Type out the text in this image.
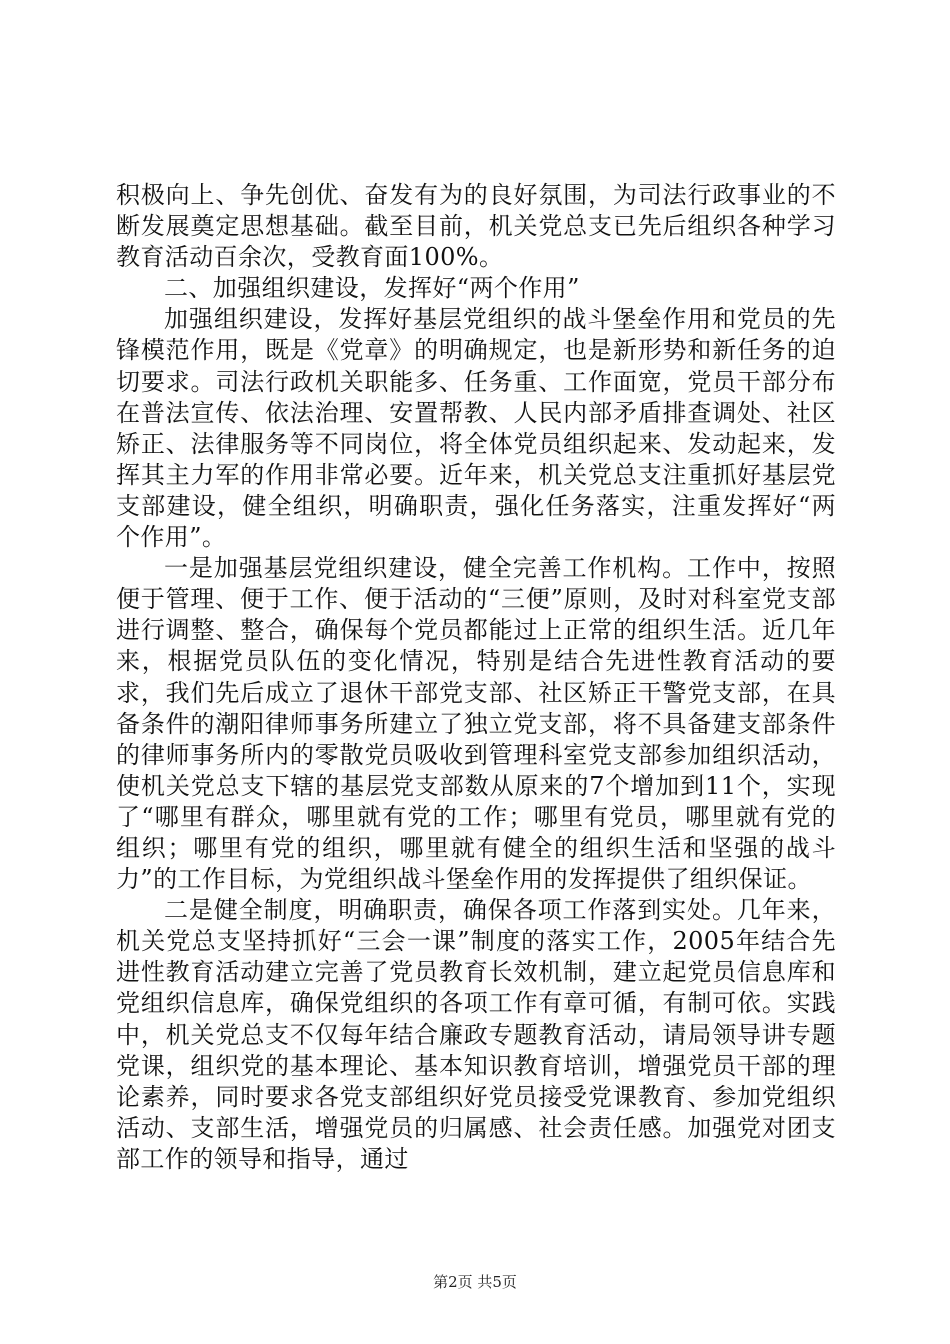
积极向上、争先创优、奋发有为的良好氛围，为司法行政事业的不断发展奠定思想基础。截至目前，机关党总支已先后组织各种学习教育活动百余次，受教育面100%。

二、加强组织建设，发挥好“两个作用”

加强组织建设，发挥好基层党组织的战斗堡垒作用和党员的先锋模范作用，既是《党章》的明确规定，也是新形势和新任务的迫切要求。司法行政机关职能多、任务重、工作面宽，党员干部分布在普法宣传、依法治理、安置帮教、人民内部矛盾排查调处、社区矫正、法律服务等不同岗位，将全体党员组织起来、发动起来，发挥其主力军的作用非常必要。近年来，机关党总支注重抓好基层党支部建设，健全组织，明确职责，强化任务落实，注重发挥好“两个作用”。

一是加强基层党组织建设，健全完善工作机构。工作中，按照便于管理、便于工作、便于活动的“三便”原则，及时对科室党支部进行调整、整合，确保每个党员都能过上正常的组织生活。近几年来，根据党员队伍的变化情况，特别是结合先进性教育活动的要求，我们先后成立了退休干部党支部、社区矫正干警党支部，在具备条件的潮阳律师事务所建立了独立党支部，将不具备建支部条件的律师事务所内的零散党员吸收到管理科室党支部参加组织活动，使机关党总支下辖的基层党支部数从原来的7个增加到11个，实现了“哪里有群众，哪里就有党的工作；哪里有党员，哪里就有党的组织；哪里有党的组织，哪里就有健全的组织生活和坚强的战斗力”的工作目标，为党组织战斗堡垒作用的发挥提供了组织保证。

二是健全制度，明确职责，确保各项工作落到实处。几年来，机关党总支坚持抓好“三会一课”制度的落实工作，2005年结合先进性教育活动建立完善了党员教育长效机制，建立起党员信息库和党组织信息库，确保党组织的各项工作有章可循，有制可依。实践中，机关党总支不仅每年结合廉政专题教育活动，请局领导讲专题党课，组织党的基本理论、基本知识教育培训，增强党员干部的理论素养，同时要求各党支部组织好党员接受党课教育、参加党组织活动、支部生活，增强党员的归属感、社会责任感。加强党对团支部工作的领导和指导，通过

第2页 共5页
